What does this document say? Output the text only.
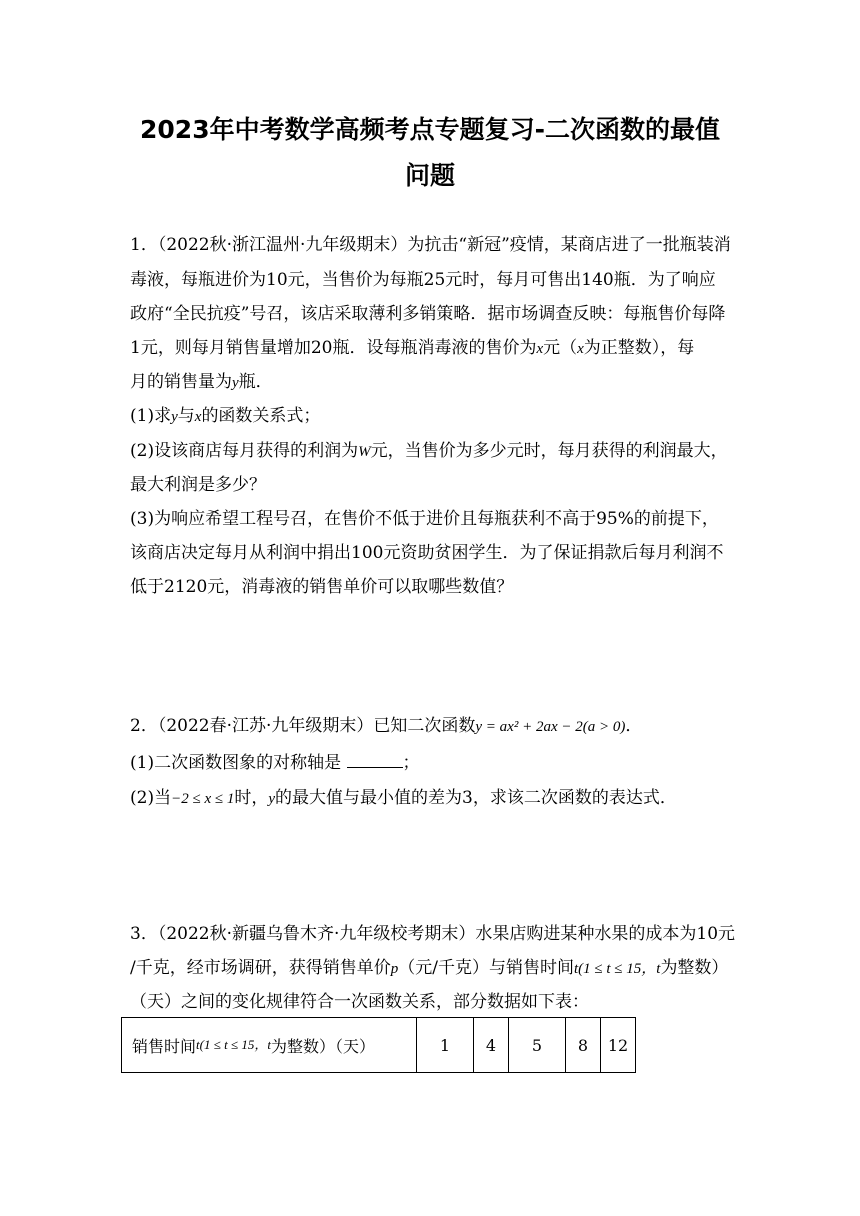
2023年中考数学高频考点专题复习-二次函数的最值
问题
1．（2022秋·浙江温州·九年级期末）为抗击“新冠”疫情，某商店进了一批瓶装消
毒液，每瓶进价为10元，当售价为每瓶25元时，每月可售出140瓶．为了响应
政府“全民抗疫”号召，该店采取薄利多销策略．据市场调查反映：每瓶售价每降
1元，则每月销售量增加20瓶．设每瓶消毒液的售价为x元（x为正整数），每
月的销售量为y瓶．
(1)求y与x的函数关系式；
(2)设该商店每月获得的利润为W元，当售价为多少元时，每月获得的利润最大，
最大利润是多少？
(3)为响应希望工程号召，在售价不低于进价且每瓶获利不高于95%的前提下，
该商店决定每月从利润中捐出100元资助贫困学生．为了保证捐款后每月利润不
低于2120元，消毒液的销售单价可以取哪些数值？
2．（2022春·江苏·九年级期末）已知二次函数y = ax² + 2ax − 2(a > 0)．
(1)二次函数图象的对称轴是	；
(2)当−2 ≤ x ≤ 1时，y的最大值与最小值的差为3，求该二次函数的表达式．
3．（2022秋·新疆乌鲁木齐·九年级校考期末）水果店购进某种水果的成本为10元
/千克，经市场调研，获得销售单价p（元/千克）与销售时间t(1 ≤ t ≤ 15，t为整数）
（天）之间的变化规律符合一次函数关系，部分数据如下表：
销售时间t(1 ≤ t ≤ 15，t为整数）（天）	1	4	5	8	12
